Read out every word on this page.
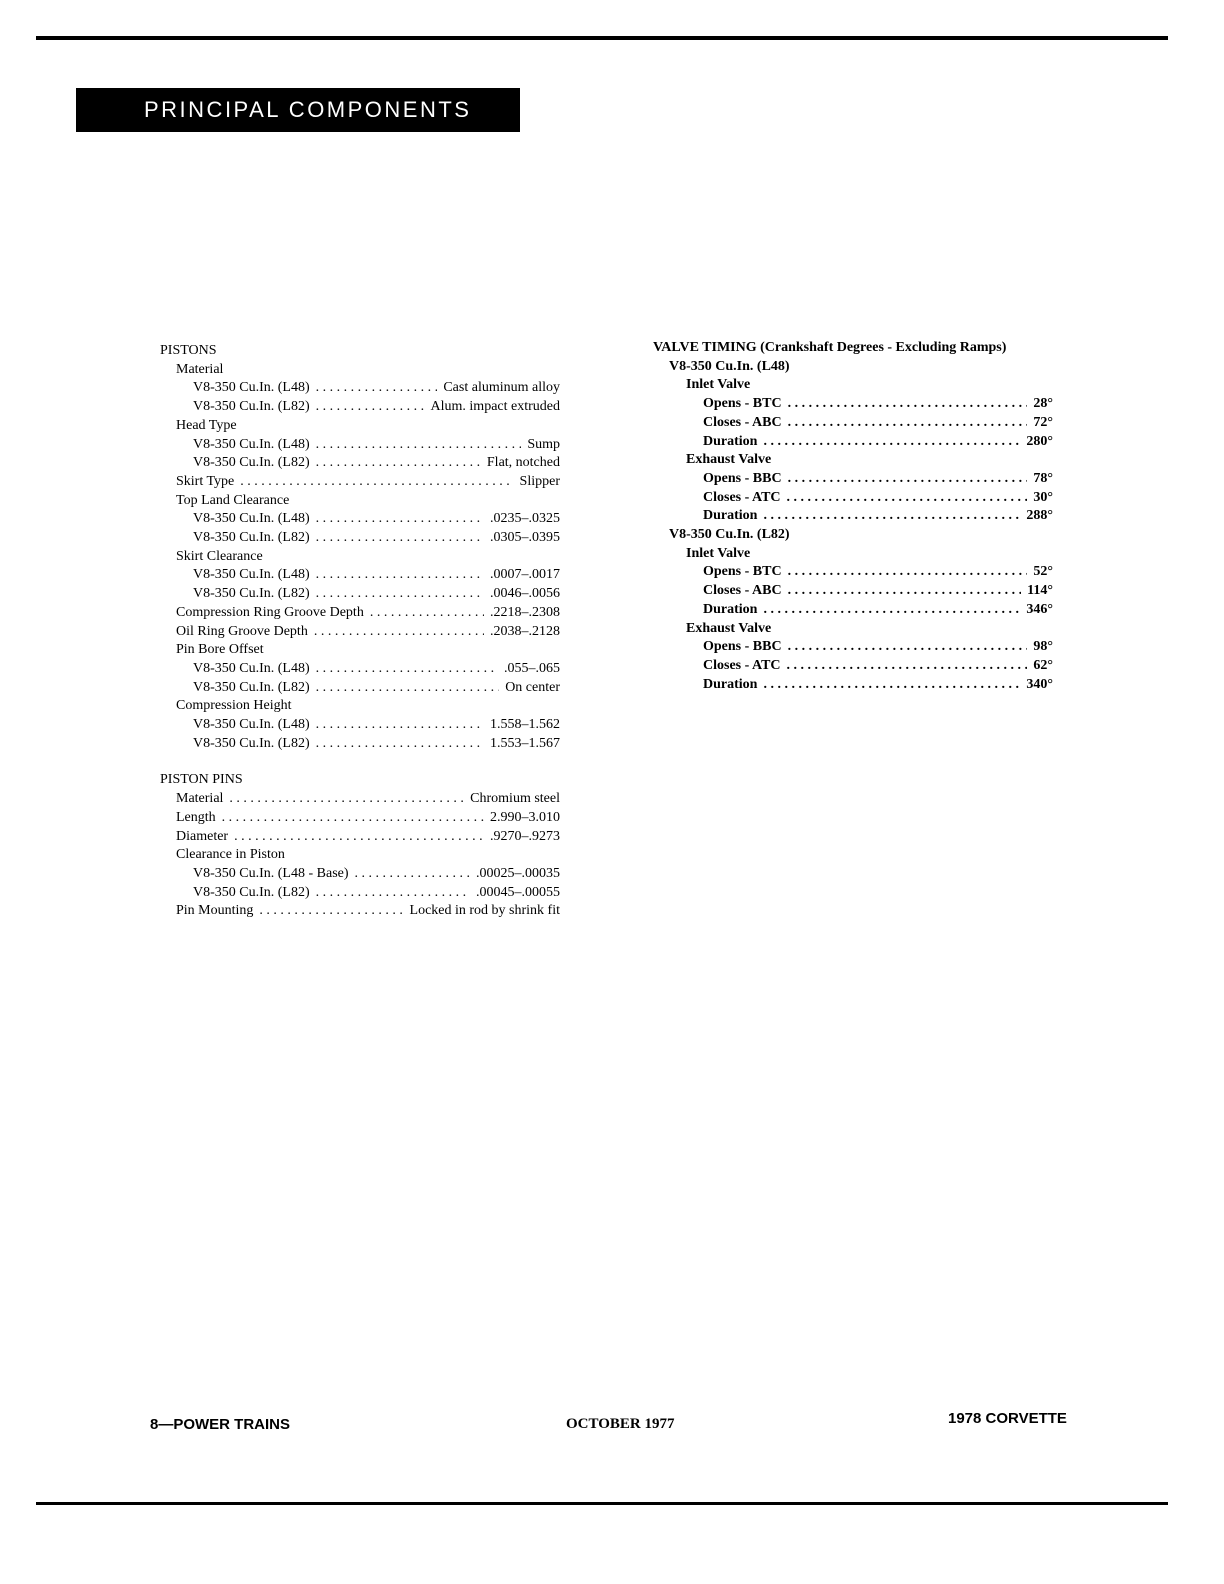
PRINCIPAL COMPONENTS
PISTONS
Material
V8-350 Cu.In. (L48) . . .	Cast aluminum alloy
V8-350 Cu.In. (L82) . . .	Alum. impact extruded
Head Type
V8-350 Cu.In. (L48) . . .	Sump
V8-350 Cu.In. (L82) . . .	Flat, notched
Skirt Type . . .	Slipper
Top Land Clearance
V8-350 Cu.In. (L48) . . .	.0235–.0325
V8-350 Cu.In. (L82) . . .	.0305–.0395
Skirt Clearance
V8-350 Cu.In. (L48) . . .	.0007–.0017
V8-350 Cu.In. (L82) . . .	.0046–.0056
Compression Ring Groove Depth . . .	.2218–.2308
Oil Ring Groove Depth . . .	.2038–.2128
Pin Bore Offset
V8-350 Cu.In. (L48) . . .	.055–.065
V8-350 Cu.In. (L82) . . .	On center
Compression Height
V8-350 Cu.In. (L48) . . .	1.558–1.562
V8-350 Cu.In. (L82) . . .	1.553–1.567
PISTON PINS
Material . . .	Chromium steel
Length . . .	2.990–3.010
Diameter . . .	.9270–.9273
Clearance in Piston
V8-350 Cu.In. (L48 - Base) . . .	.00025–.00035
V8-350 Cu.In. (L82) . . .	.00045–.00055
Pin Mounting . . .	Locked in rod by shrink fit
VALVE TIMING (Crankshaft Degrees - Excluding Ramps)
V8-350 Cu.In. (L48)
Inlet Valve
Opens - BTC . . .	28°
Closes - ABC . . .	72°
Duration . . .	280°
Exhaust Valve
Opens - BBC . . .	78°
Closes - ATC . . .	30°
Duration . . .	288°
V8-350 Cu.In. (L82)
Inlet Valve
Opens - BTC . . .	52°
Closes - ABC . . .	114°
Duration . . .	346°
Exhaust Valve
Opens - BBC . . .	98°
Closes - ATC . . .	62°
Duration . . .	340°
8—POWER TRAINS	OCTOBER 1977	1978 CORVETTE
